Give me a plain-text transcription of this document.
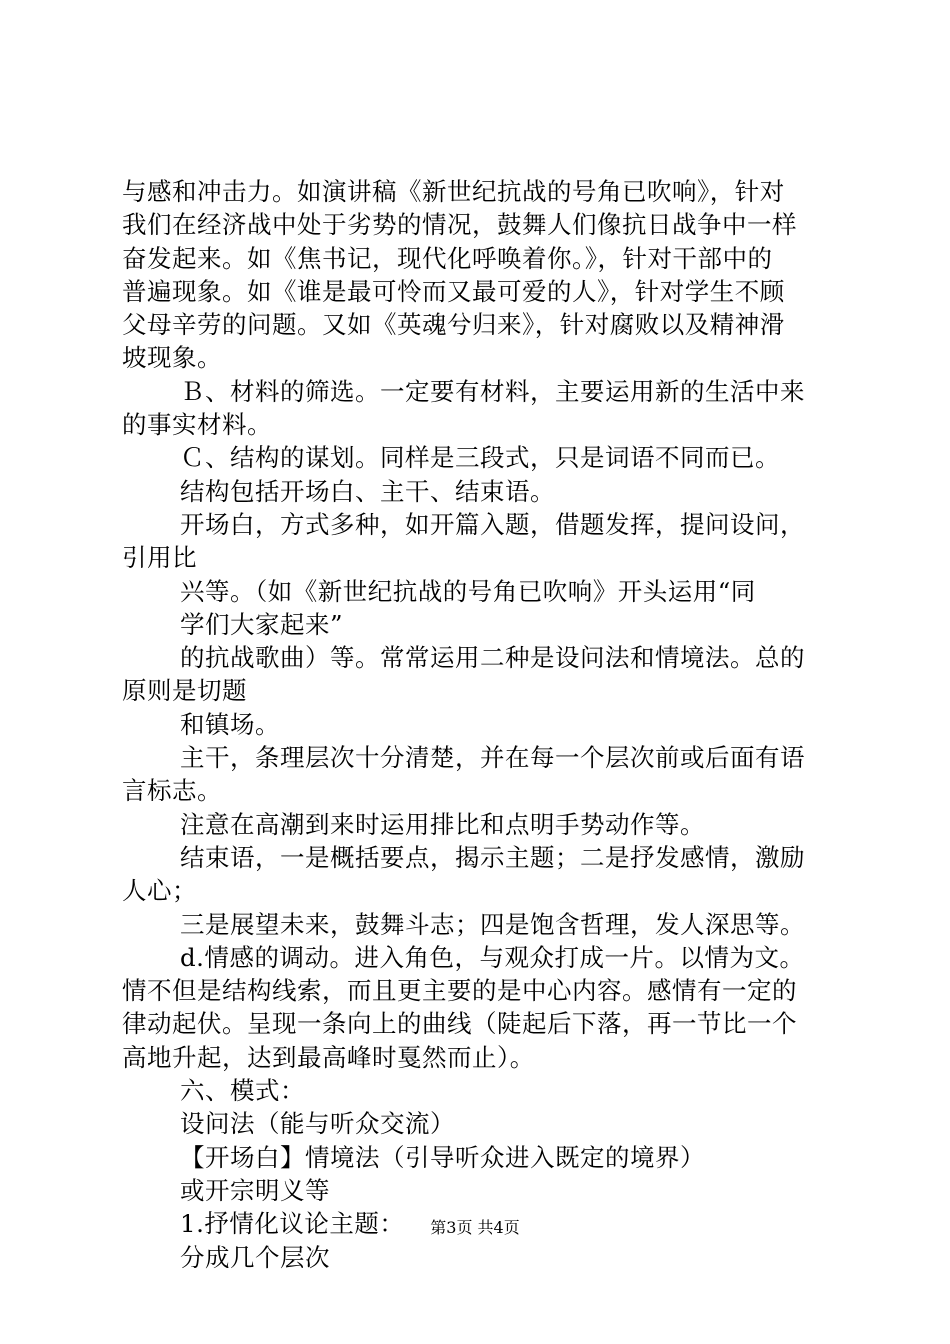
与感和冲击力。如演讲稿《新世纪抗战的号角已吹响》，针对
我们在经济战中处于劣势的情况，鼓舞人们像抗日战争中一样
奋发起来。如《焦书记，现代化呼唤着你。》，针对干部中的
普遍现象。如《谁是最可怜而又最可爱的人》，针对学生不顾
父母辛劳的问题。又如《英魂兮归来》，针对腐败以及精神滑
坡现象。
Ｂ、材料的筛选。一定要有材料，主要运用新的生活中来
的事实材料。
Ｃ、结构的谋划。同样是三段式，只是词语不同而已。
结构包括开场白、主干、结束语。
开场白，方式多种，如开篇入题，借题发挥，提问设问，
引用比
兴等。（如《新世纪抗战的号角已吹响》开头运用“同
学们大家起来”
的抗战歌曲）等。常常运用二种是设问法和情境法。总的
原则是切题
和镇场。
主干，条理层次十分清楚，并在每一个层次前或后面有语
言标志。
注意在高潮到来时运用排比和点明手势动作等。
结束语，一是概括要点，揭示主题；二是抒发感情，激励
人心；
三是展望未来，鼓舞斗志；四是饱含哲理，发人深思等。
d.情感的调动。进入角色，与观众打成一片。以情为文。
情不但是结构线索，而且更主要的是中心内容。感情有一定的
律动起伏。呈现一条向上的曲线（陡起后下落，再一节比一个
高地升起，达到最高峰时戛然而止）。
六、模式：
设问法（能与听众交流）
【开场白】情境法（引导听众进入既定的境界）
或开宗明义等
1.抒情化议论主题：
分成几个层次
第3页 共4页
